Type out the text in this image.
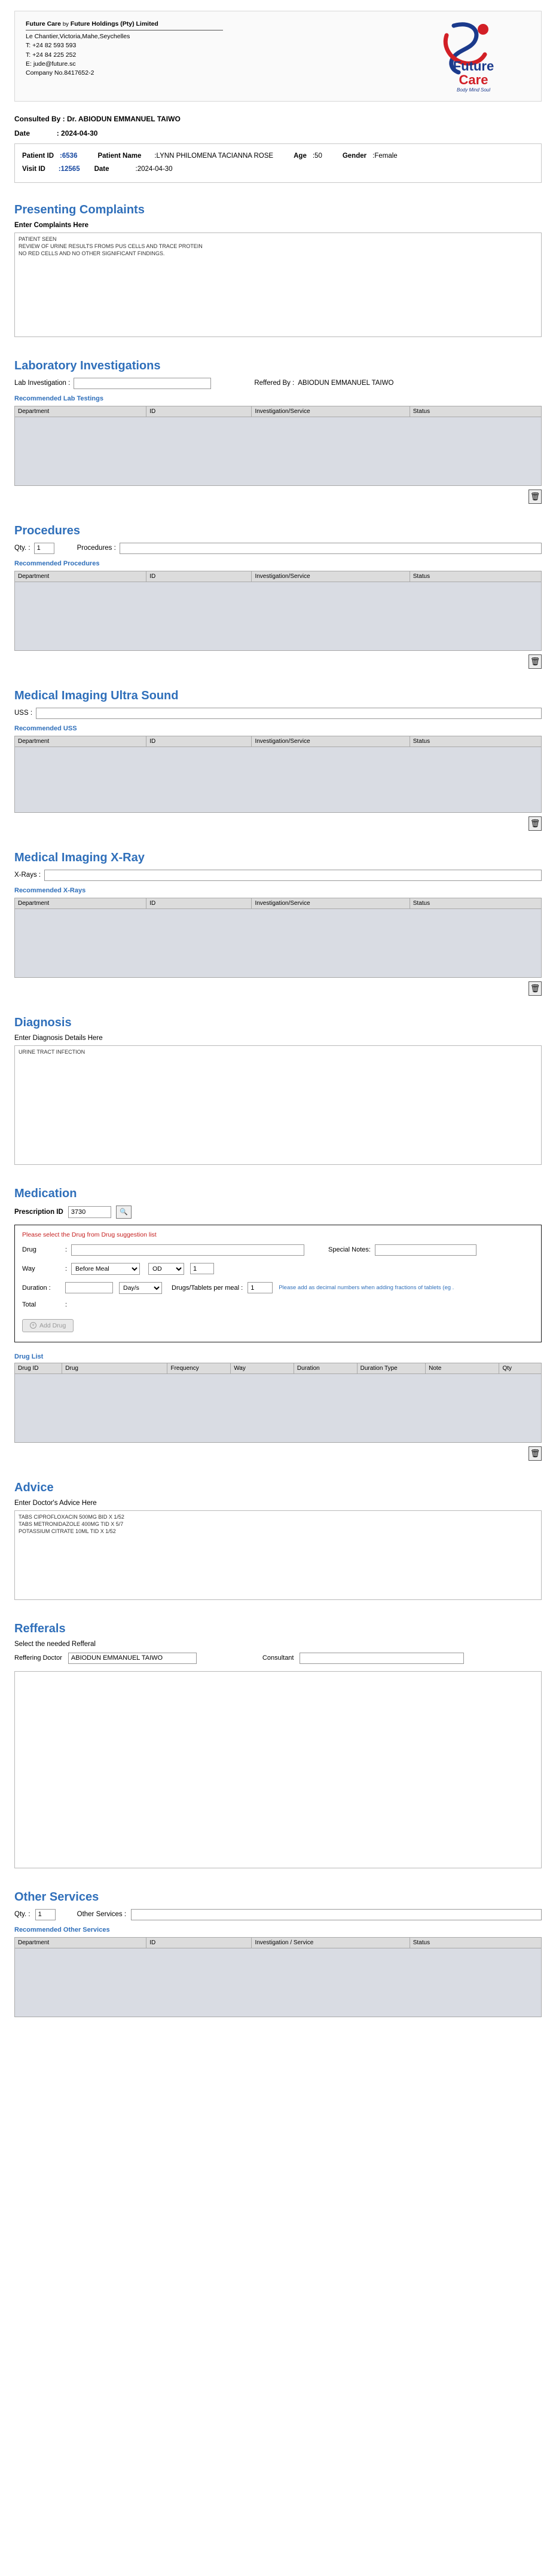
Future Care by Future Holdings (Pty) Limited
Le Chantier,Victoria,Mahe,Seychelles
T: +24 82 593 593
T: +24 84 225 252
E: jude@future.sc
Company No.8417652-2	Future
Care
Body Mind Soul
Consulted By : Dr. ABIODUN EMMANUEL TAIWO
Date	: 2024-04-30
Patient ID : 6536	Patient Name : LYNN PHILOMENA TACIANNA ROSE	Age : 50	Gender : Female
Visit ID : 12565 Date	: 2024-04-30
Presenting Complaints
Enter Complaints Here
PATIENT SEEN REVIEW OF URINE RESULTS FROMS PUS CELLS AND TRACE PROTEIN NO RED CELLS AND NO OTHER SIGNIFICANT FINDINGS.
Laboratory Investigations
Lab Investigation :	Reffered By : ABIODUN EMMANUEL TAIWO
Recommended Lab Testings
Department	ID	Investigation/Service	Status
🗑
Procedures
Qty. :
1	Procedures :
Recommended Procedures
Department	ID	Investigation/Service	Status
🗑
Medical Imaging Ultra Sound
USS :
Recommended USS
Department	ID	Investigation/Service	Status
🗑
Medical Imaging X-Ray
X-Rays :
Recommended X-Rays
Department	ID	Investigation/Service	Status
🗑
Diagnosis
Enter Diagnosis Details Here
URINE TRACT INFECTION
Medication
Prescription ID
3730	🔍
Please select the Drug from Drug suggestion list
Drug	:	Special Notes :
Way	:
Before Meal
OD
1
Duration :
Day/s	Drugs/Tablets per meal :
1	Please add as decimal numbers when adding fractions of tablets (eg .
Total	:
+ Add Drug
Drug List
Drug ID	Drug	Frequency	Way	Duration	Duration Type	Note	Qty
🗑
Advice
Enter Doctor's Advice Here
TABS CIPROFLOXACIN 500MG BID X 1/52 TABS METRONIDAZOLE 400MG TID X 5/7 POTASSIUM CITRATE 10ML TID X 1/52
Refferals
Select the needed Refferal
Reffering Doctor
ABIODUN EMMANUEL TAIWO	Consultant
Other Services
Qty. :
1	Other Services :
Recommended Other Services
Department	ID	Investigation / Service	Status
